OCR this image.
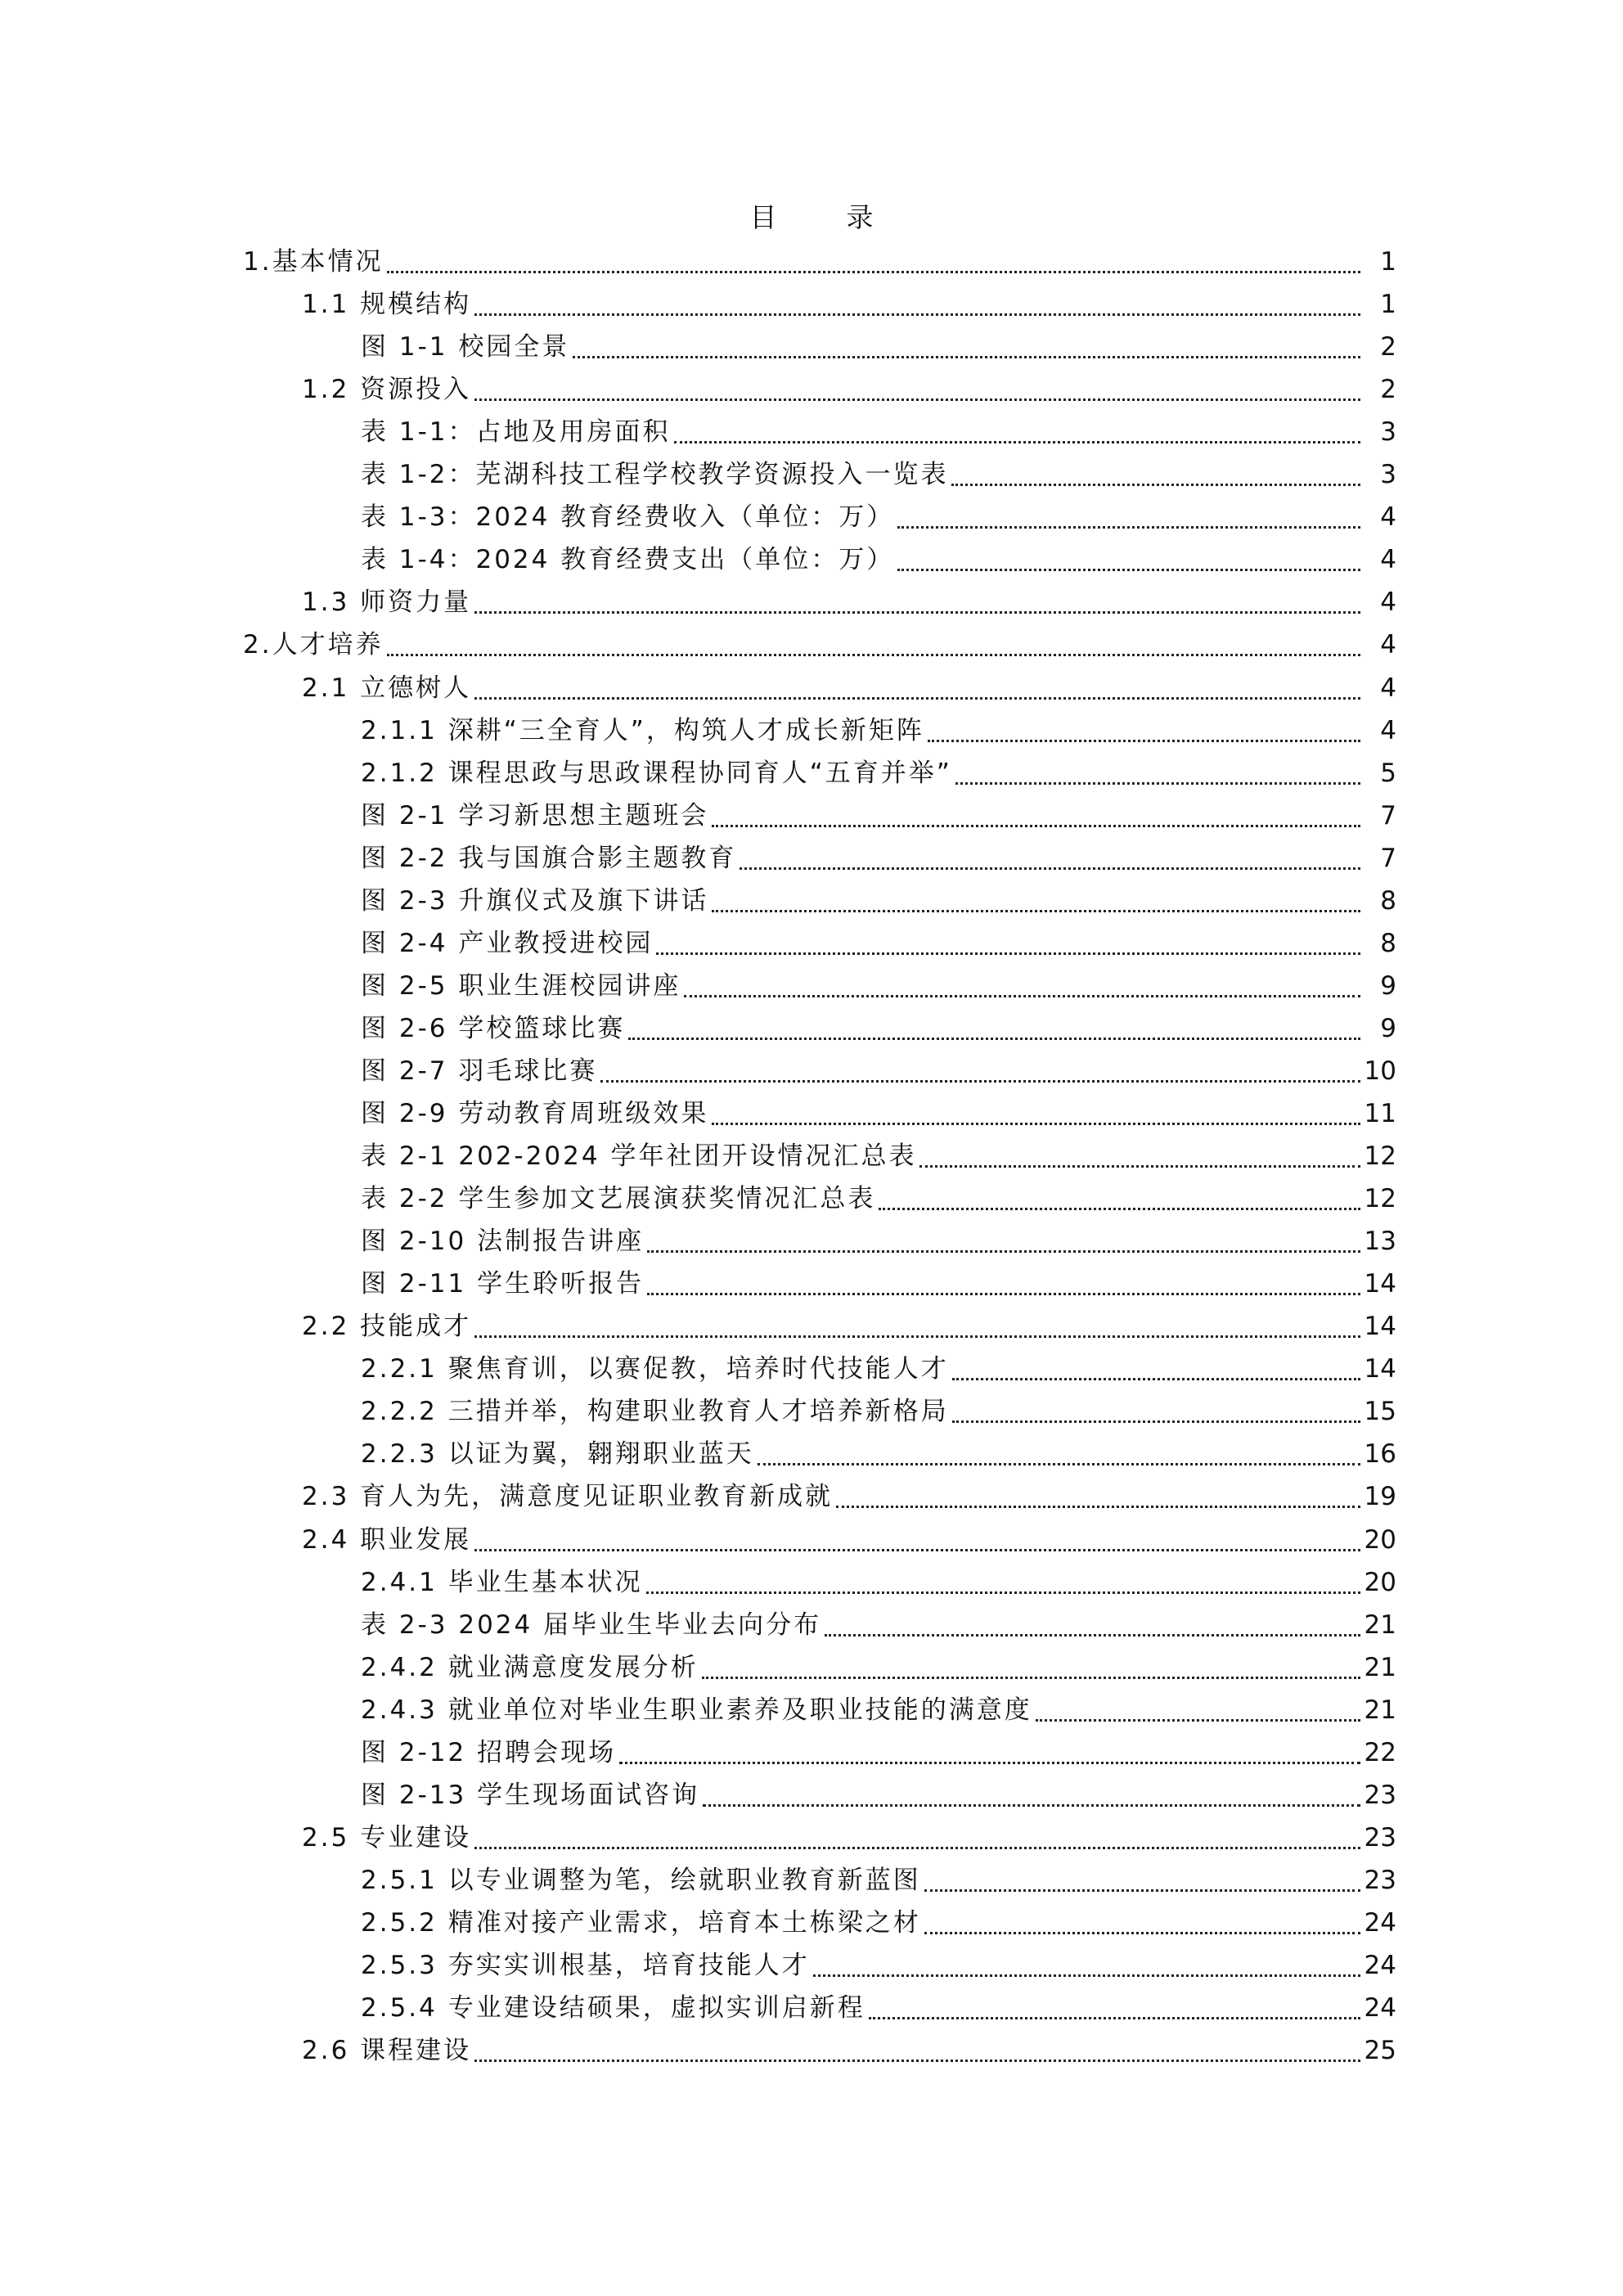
目　录
1.基本情况	1
1.1 规模结构	1
图 1-1 校园全景	2
1.2 资源投入	2
表 1-1：占地及用房面积	3
表 1-2：芜湖科技工程学校教学资源投入一览表	3
表 1-3：2024 教育经费收入（单位：万）	4
表 1-4：2024 教育经费支出（单位：万）	4
1.3 师资力量	4
2.人才培养	4
2.1 立德树人	4
2.1.1 深耕“三全育人”，构筑人才成长新矩阵	4
2.1.2 课程思政与思政课程协同育人“五育并举”	5
图 2-1 学习新思想主题班会	7
图 2-2 我与国旗合影主题教育	7
图 2-3 升旗仪式及旗下讲话	8
图 2-4 产业教授进校园	8
图 2-5 职业生涯校园讲座	9
图 2-6 学校篮球比赛	9
图 2-7 羽毛球比赛	10
图 2-9 劳动教育周班级效果	11
表 2-1 202-2024 学年社团开设情况汇总表	12
表 2-2 学生参加文艺展演获奖情况汇总表	12
图 2-10 法制报告讲座	13
图 2-11 学生聆听报告	14
2.2 技能成才	14
2.2.1 聚焦育训，以赛促教，培养时代技能人才	14
2.2.2 三措并举，构建职业教育人才培养新格局	15
2.2.3 以证为翼，翱翔职业蓝天	16
2.3 育人为先，满意度见证职业教育新成就	19
2.4 职业发展	20
2.4.1 毕业生基本状况	20
表 2-3 2024 届毕业生毕业去向分布	21
2.4.2 就业满意度发展分析	21
2.4.3 就业单位对毕业生职业素养及职业技能的满意度	21
图 2-12 招聘会现场	22
图 2-13 学生现场面试咨询	23
2.5 专业建设	23
2.5.1 以专业调整为笔，绘就职业教育新蓝图	23
2.5.2 精准对接产业需求，培育本土栋梁之材	24
2.5.3 夯实实训根基，培育技能人才	24
2.5.4 专业建设结硕果，虚拟实训启新程	24
2.6 课程建设	25
